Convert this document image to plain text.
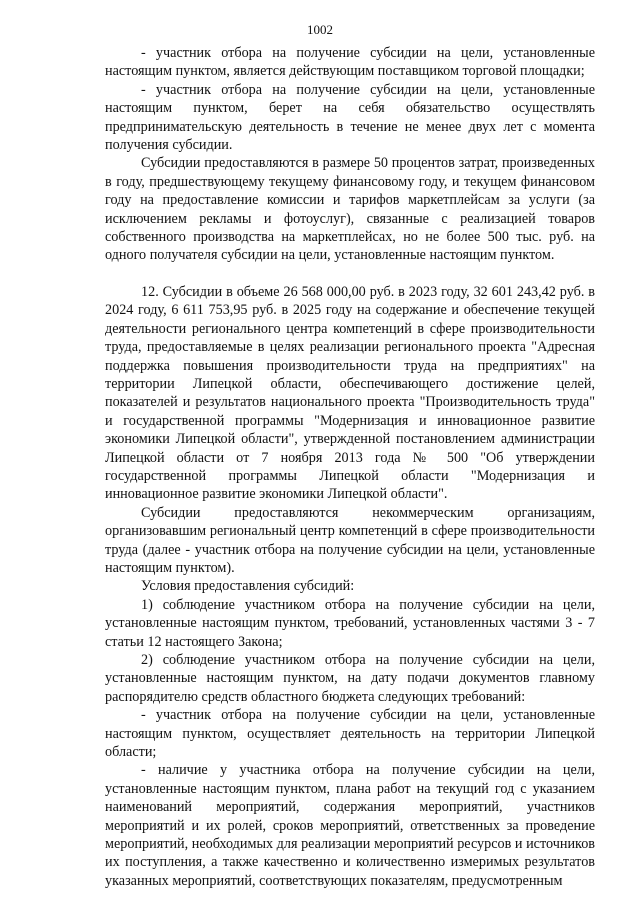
1002

- участник отбора на получение субсидии на цели, установленные настоящим пунктом, является действующим поставщиком торговой площадки;

- участник отбора на получение субсидии на цели, установленные настоящим пунктом, берет на себя обязательство осуществлять предпринимательскую деятельность в течение не менее двух лет с момента получения субсидии.

Субсидии предоставляются в размере 50 процентов затрат, произведенных в году, предшествующему текущему финансовому году, и текущем финансовом году на предоставление комиссии и тарифов маркетплейсам за услуги (за исключением рекламы и фотоуслуг), связанные с реализацией товаров собственного производства на маркетплейсах, но не более 500 тыс. руб. на одного получателя субсидии на цели, установленные настоящим пунктом.

12. Субсидии в объеме 26 568 000,00 руб. в 2023 году, 32 601 243,42 руб. в 2024 году, 6 611 753,95 руб. в 2025 году на содержание и обеспечение текущей деятельности регионального центра компетенций в сфере производительности труда, предоставляемые в целях реализации регионального проекта "Адресная поддержка повышения производительности труда на предприятиях" на территории Липецкой области, обеспечивающего достижение целей, показателей и результатов национального проекта "Производительность труда" и государственной программы "Модернизация и инновационное развитие экономики Липецкой области", утвержденной постановлением администрации Липецкой области от 7 ноября 2013 года № 500 "Об утверждении государственной программы Липецкой области "Модернизация и инновационное развитие экономики Липецкой области".

Субсидии предоставляются некоммерческим организациям, организовавшим региональный центр компетенций в сфере производительности труда (далее - участник отбора на получение субсидии на цели, установленные настоящим пунктом).

Условия предоставления субсидий:

1) соблюдение участником отбора на получение субсидии на цели, установленные настоящим пунктом, требований, установленных частями 3 - 7 статьи 12 настоящего Закона;

2) соблюдение участником отбора на получение субсидии на цели, установленные настоящим пунктом, на дату подачи документов главному распорядителю средств областного бюджета следующих требований:

- участник отбора на получение субсидии на цели, установленные настоящим пунктом, осуществляет деятельность на территории Липецкой области;

- наличие у участника отбора на получение субсидии на цели, установленные настоящим пунктом, плана работ на текущий год с указанием наименований мероприятий, содержания мероприятий, участников мероприятий и их ролей, сроков мероприятий, ответственных за проведение мероприятий, необходимых для реализации мероприятий ресурсов и источников их поступления, а также качественно и количественно измеримых результатов указанных мероприятий, соответствующих показателям, предусмотренным
